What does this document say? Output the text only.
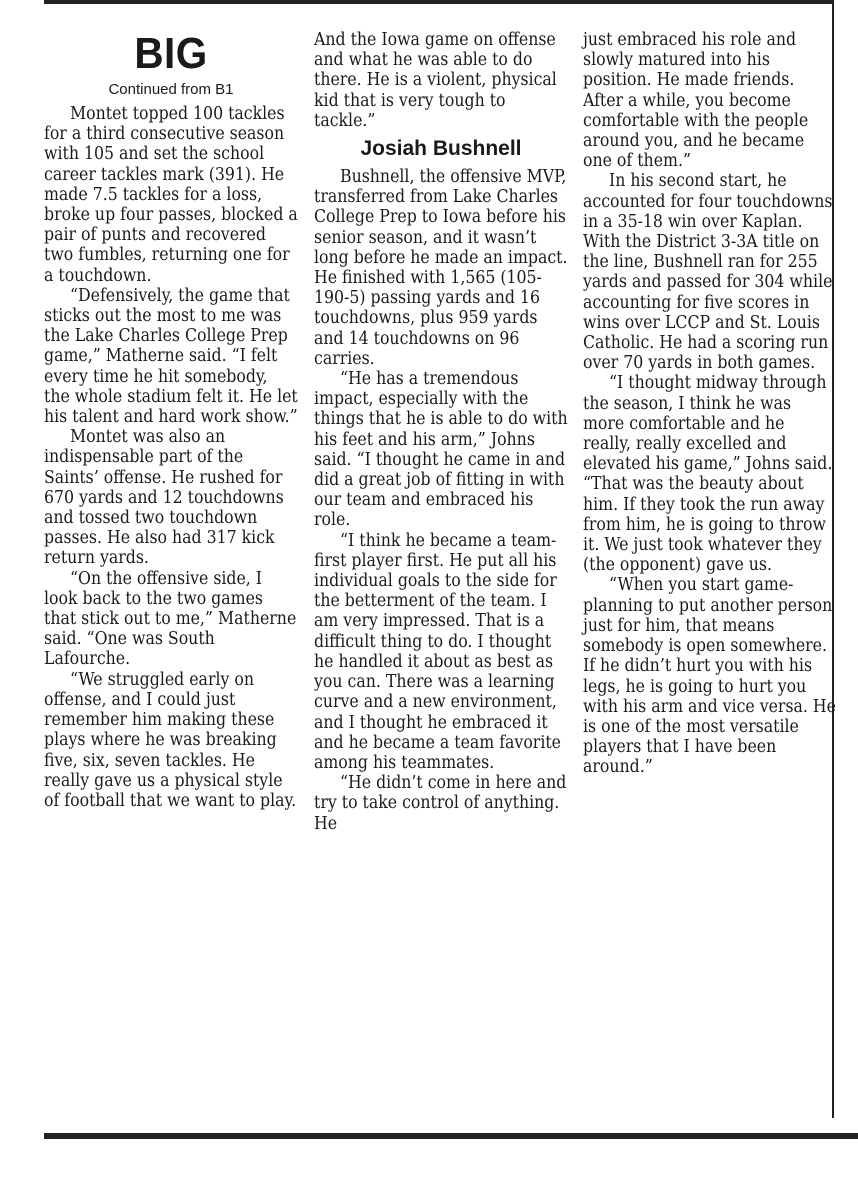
BIG
Continued from B1

Montet topped 100 tackles for a third consecutive season with 105 and set the school career tackles mark (391). He made 7.5 tackles for a loss, broke up four passes, blocked a pair of punts and recovered two fumbles, returning one for a touchdown.

“Defensively, the game that sticks out the most to me was the Lake Charles College Prep game,” Matherne said. “I felt every time he hit somebody, the whole stadium felt it. He let his talent and hard work show.”

Montet was also an indispensable part of the Saints’ offense. He rushed for 670 yards and 12 touchdowns and tossed two touchdown passes. He also had 317 kick return yards.

“On the offensive side, I look back to the two games that stick out to me,” Matherne said. “One was South Lafourche.

“We struggled early on offense, and I could just remember him making these plays where he was breaking five, six, seven tackles. He really gave us a physical style of football that we want to play.

And the Iowa game on offense and what he was able to do there. He is a violent, physical kid that is very tough to tackle.”

Josiah Bushnell

Bushnell, the offensive MVP, transferred from Lake Charles College Prep to Iowa before his senior season, and it wasn’t long before he made an impact. He finished with 1,565 (105-190-5) passing yards and 16 touchdowns, plus 959 yards and 14 touchdowns on 96 carries.

“He has a tremendous impact, especially with the things that he is able to do with his feet and his arm,” Johns said. “I thought he came in and did a great job of fitting in with our team and embraced his role.

“I think he became a team-first player first. He put all his individual goals to the side for the betterment of the team. I am very impressed. That is a difficult thing to do. I thought he handled it about as best as you can. There was a learning curve and a new environment, and I thought he embraced it and he became a team favorite among his teammates.

“He didn’t come in here and try to take control of anything. He

just embraced his role and slowly matured into his position. He made friends. After a while, you become comfortable with the people around you, and he became one of them.”

In his second start, he accounted for four touchdowns in a 35-18 win over Kaplan. With the District 3-3A title on the line, Bushnell ran for 255 yards and passed for 304 while accounting for five scores in wins over LCCP and St. Louis Catholic. He had a scoring run over 70 yards in both games.

“I thought midway through the season, I think he was more comfortable and he really, really excelled and elevated his game,” Johns said. “That was the beauty about him. If they took the run away from him, he is going to throw it. We just took whatever they (the opponent) gave us.

“When you start game-planning to put another person just for him, that means somebody is open somewhere. If he didn’t hurt you with his legs, he is going to hurt you with his arm and vice versa. He is one of the most versatile players that I have been around.”
